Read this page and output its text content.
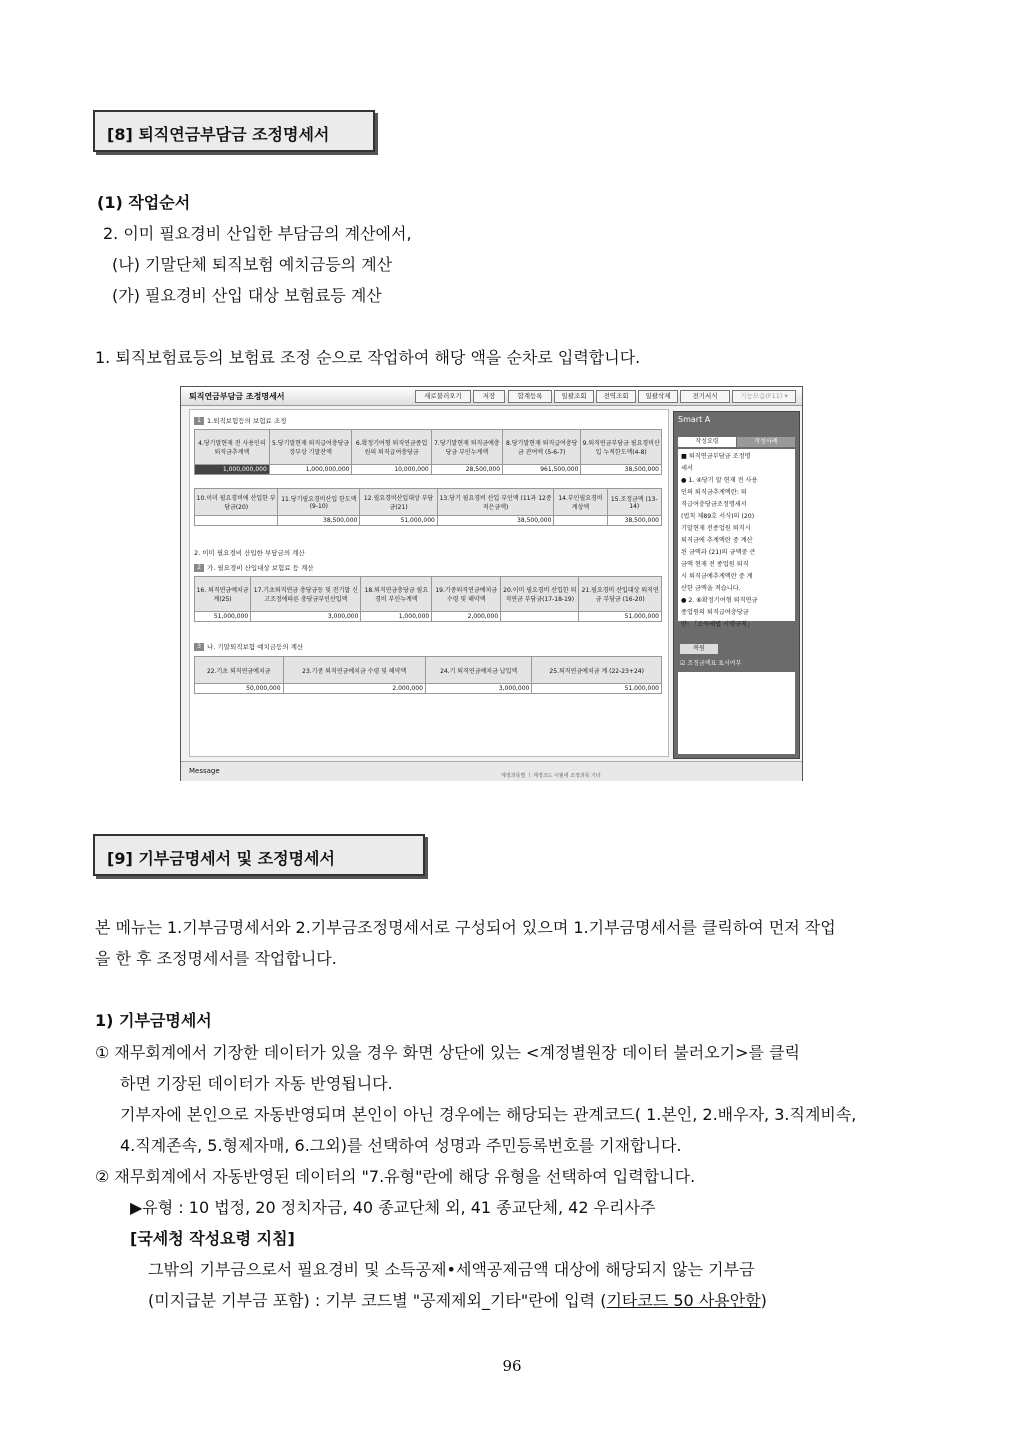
[8] 퇴직연금부담금 조정명세서
(1) 작업순서
2. 이미 필요경비 산입한 부담금의 계산에서,
(나) 기말단체 퇴직보험 예치금등의 계산
(가) 필요경비 산입 대상 보험료등 계산
1. 퇴직보험료등의 보험료 조정 순으로 작업하여 해당 액을 순차로 입력합니다.
퇴직연금부담금 조정명세서	새로불러오기	저장	합계등록	일괄조회	전역조회	일괄삭제	전기서식	기능모음(F11) ▾
1 1.퇴직보험등의 보험료 조정
4.당기말현재 전 사용인의 퇴직금추계액	5.당기말현재 퇴직급여충당금 장부상 기말잔액	6.확정기여형 퇴직연금종업원의 퇴직급여충당금	7.당기말현재 퇴직금예충당금 부인누계액	8.당기말현재 퇴직급여충당금 잔여액 (5-6-7)	9.퇴직연금부담금 필요경비산입 누적한도액(4-8)
1,000,000,000	1,000,000,000	10,000,000	28,500,000	961,500,000	38,500,000
10.이미 필요경비에 산입한 부담금(20)	11.당기필요경비산입 한도액(9-10)	12.필요경비산입대상 부담금(21)	13.당기 필요경비 산입 부인액 (11과 12중 적은금액)	14.부인필요경비 계상액	15.조정금액 (13-14)
	38,500,000	51,000,000	38,500,000		38,500,000
2. 이미 필요경비 산입한 부담금의 계산
2 가. 필요경비 산입대상 보험료 등 계산
16. 퇴직연금예치금 계(25)	17.기초퇴직연금 충당금등 및 전기말 신고조정에따른 충당금부인산입액	18.퇴직연금충당금 필요경비 부인누계액	19.기중퇴직연금예치금 수령 및 해약액	20.이미 필요경비 산입한 퇴직연금 부담금(17-18-19)	21.필요경비 산입대상 퇴직연금 부담금 (16-20)
51,000,000	3,000,000	1,000,000	2,000,000		51,000,000
3 나. 기말퇴직보험 예치금등의 계산
22.기초 퇴직연금예치금	23.기중 퇴직연금예치금 수령 및 해약액	24.기 퇴직연금예치금 납입액	25.퇴직연금예치금 계 (22-23+24)
50,000,000	2,000,000	3,000,000	51,000,000
Smart A
작성요령	작성사례
■ 퇴직연금부담금 조정명
세서
● 1. ④당기 말 현재 전 사용
인의 퇴직금추계액란: 퇴
직급여충당금조정명세서
(법칙 제89호 서식)의 (20)
기말현재 전종업원 퇴직시
퇴직금에 추계액란 중 계산
된 금액과 (21)의 금액중 큰
금액 현재 전 종업원 퇴직
시 퇴직금예추계액란 중 계
산한 금액을 적습니다.
● 2. ⑥확정기여형 퇴직연금
종업원의 퇴직급여충당금
란: 「소득세법 시행규칙」
복원
☑ 조정금액표 표시여부
Message
계정과목별 ㅣ 계정코드 이월에 조정과목 기타
[9] 기부금명세서 및 조정명세서
본 메뉴는 1.기부금명세서와 2.기부금조정명세서로 구성되어 있으며 1.기부금명세서를 클릭하여 먼저 작업
을 한 후 조정명세서를 작업합니다.
1) 기부금명세서
① 재무회계에서 기장한 데이터가 있을 경우 화면 상단에 있는 <계정별원장 데이터 불러오기>를 클릭
하면 기장된 데이터가 자동 반영됩니다.
기부자에 본인으로 자동반영되며 본인이 아닌 경우에는 해당되는 관계코드( 1.본인, 2.배우자, 3.직계비속,
4.직계존속, 5.형제자매, 6.그외)를 선택하여 성명과 주민등록번호를 기재합니다.
② 재무회계에서 자동반영된 데이터의 "7.유형"란에 해당 유형을 선택하여 입력합니다.
▶유형 : 10 법정, 20 정치자금, 40 종교단체 외, 41 종교단체, 42 우리사주
[국세청 작성요령 지침]
그밖의 기부금으로서 필요경비 및 소득공제•세액공제금액 대상에 해당되지 않는 기부금
(미지급분 기부금 포함) : 기부 코드별 "공제제외_기타"란에 입력 (기타코드 50 사용안함)
96
